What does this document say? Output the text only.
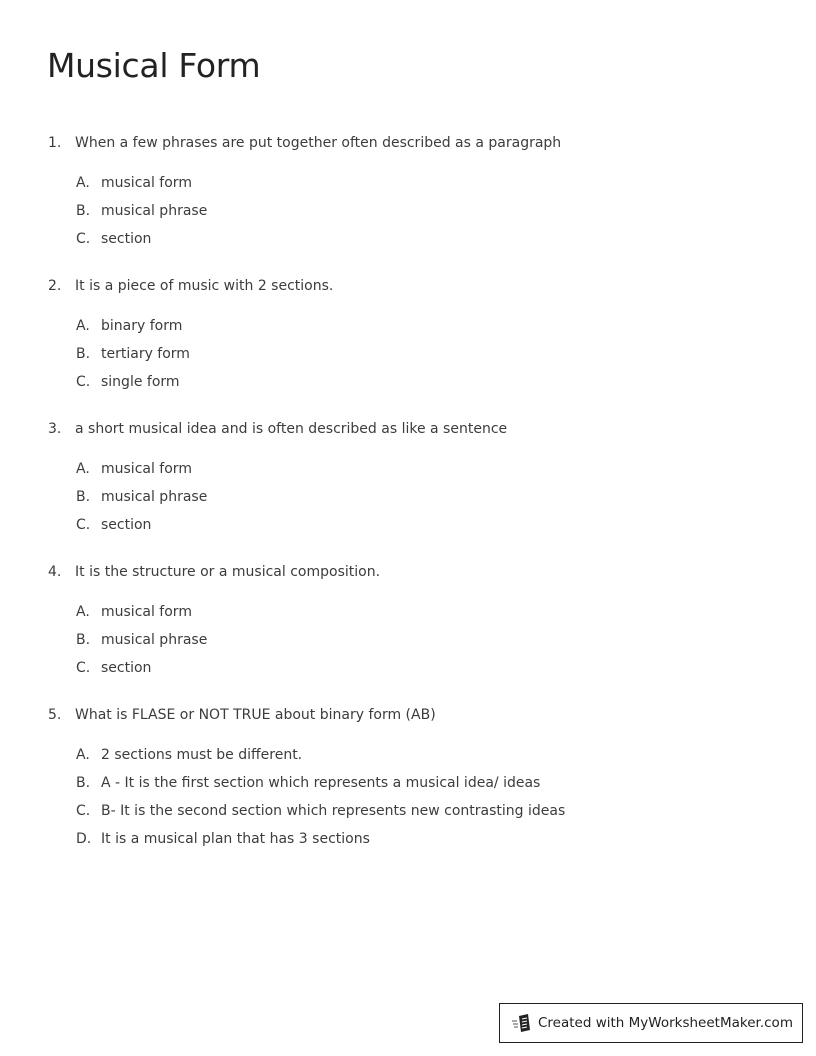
Musical Form
1. When a few phrases are put together often described as a paragraph
A. musical form
B. musical phrase
C. section
2. It is a piece of music with 2 sections.
A. binary form
B. tertiary form
C. single form
3. a short musical idea and is often described as like a sentence
A. musical form
B. musical phrase
C. section
4. It is the structure or a musical composition.
A. musical form
B. musical phrase
C. section
5. What is FLASE or NOT TRUE about binary form (AB)
A. 2 sections must be different.
B. A - It is the first section which represents a musical idea/ ideas
C. B- It is the second section which represents new contrasting ideas
D. It is a musical plan that has 3 sections
Created with MyWorksheetMaker.com
